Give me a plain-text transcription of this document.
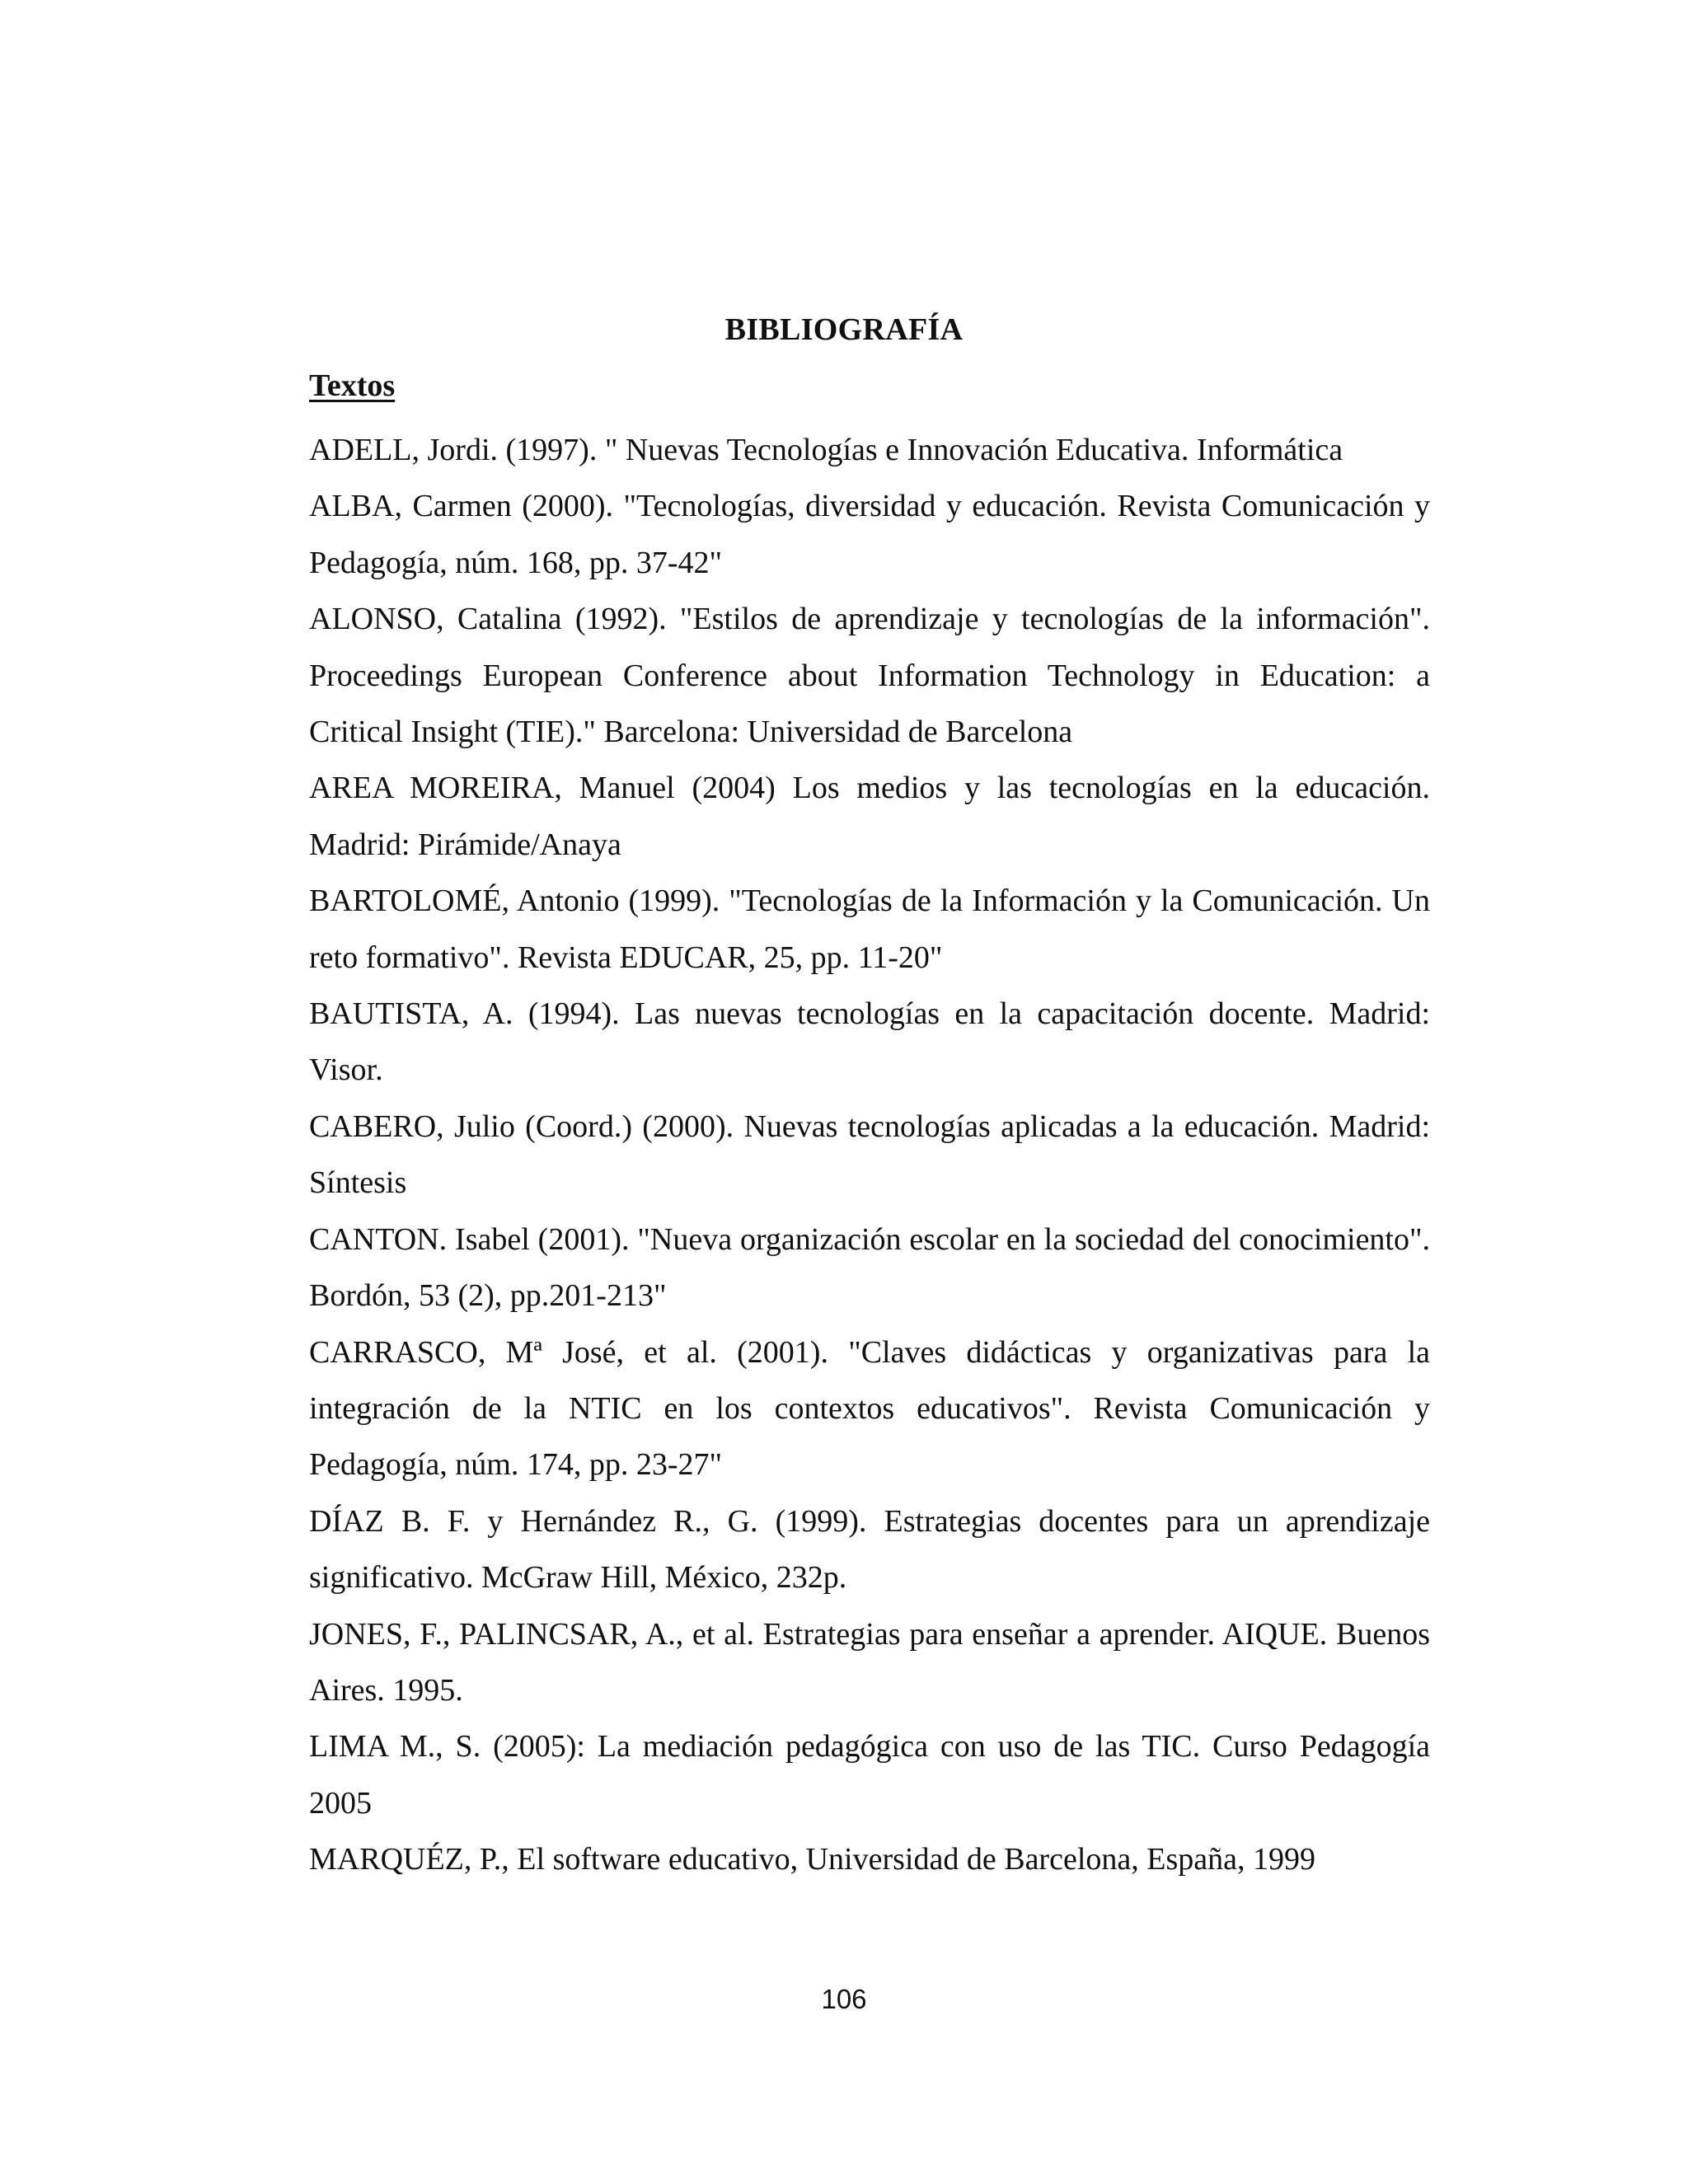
BIBLIOGRAFÍA
Textos

ADELL, Jordi. (1997). " Nuevas Tecnologías e Innovación Educativa. Informática

ALBA, Carmen (2000). "Tecnologías, diversidad y educación. Revista Comunicación y Pedagogía, núm. 168, pp. 37-42"

ALONSO, Catalina (1992). "Estilos de aprendizaje y tecnologías de la información". Proceedings European Conference about Information Technology in Education: a Critical Insight (TIE)." Barcelona: Universidad de Barcelona

AREA MOREIRA, Manuel (2004) Los medios y las tecnologías en la educación. Madrid: Pirámide/Anaya

BARTOLOMÉ, Antonio (1999). "Tecnologías de la Información y la Comunicación. Un reto formativo". Revista EDUCAR, 25, pp. 11-20"

BAUTISTA, A. (1994). Las nuevas tecnologías en la capacitación docente. Madrid: Visor.

CABERO, Julio (Coord.) (2000). Nuevas tecnologías aplicadas a la educación. Madrid: Síntesis

CANTON. Isabel (2001). "Nueva organización escolar en la sociedad del conocimiento". Bordón, 53 (2), pp.201-213"

CARRASCO, Mª José, et al. (2001). "Claves didácticas y organizativas para la integración de la NTIC en los contextos educativos". Revista Comunicación y Pedagogía, núm. 174, pp. 23-27"

DÍAZ B. F. y Hernández R., G. (1999). Estrategias docentes para un aprendizaje significativo. McGraw Hill, México, 232p.

JONES, F., PALINCSAR, A., et al. Estrategias para enseñar a aprender. AIQUE. Buenos Aires. 1995.

LIMA M., S. (2005): La mediación pedagógica con uso de las TIC. Curso Pedagogía 2005

MARQUÉZ, P., El software educativo, Universidad de Barcelona, España, 1999

106
